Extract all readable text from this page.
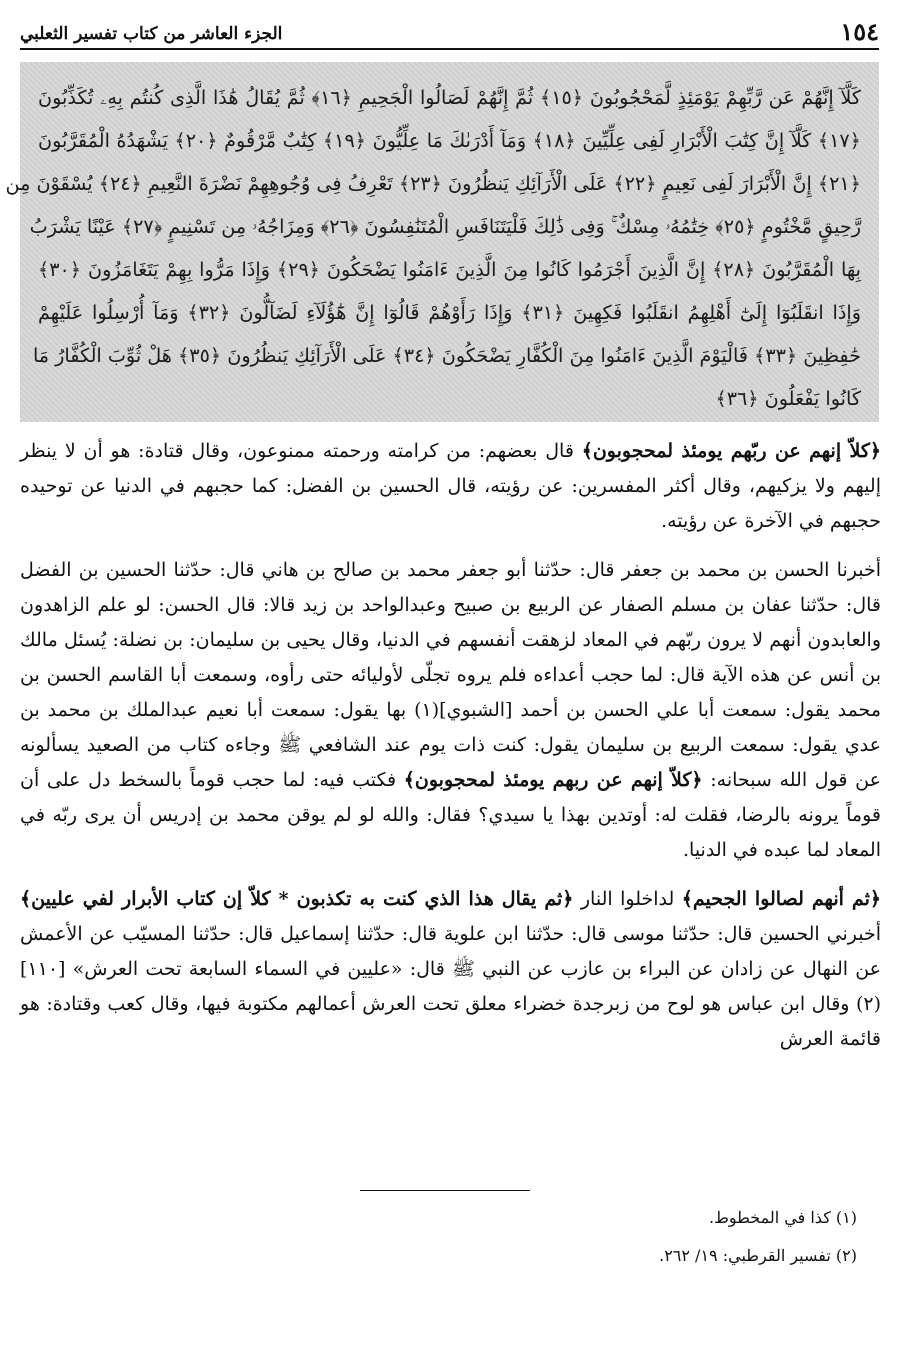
١٥٤
الجزء العاشر من كتاب تفسير الثعلبي
كَلَّآ إِنَّهُمْ عَن رَّبِّهِمْ يَوْمَئِذٍ لَّمَحْجُوبُونَ ﴿١٥﴾ ثُمَّ إِنَّهُمْ لَصَالُوا الْجَحِيمِ ﴿١٦﴾ ثُمَّ يُقَالُ هَٰذَا الَّذِى كُنتُم بِهِۦ تُكَذِّبُونَ
﴿١٧﴾ كَلَّآ إِنَّ كِتَٰبَ الْأَبْرَارِ لَفِى عِلِّيِّينَ ﴿١٨﴾ وَمَآ أَدْرَىٰكَ مَا عِلِّيُّونَ ﴿١٩﴾ كِتَٰبٌ مَّرْقُومٌ ﴿٢٠﴾ يَشْهَدُهُ الْمُقَرَّبُونَ
﴿٢١﴾ إِنَّ الْأَبْرَارَ لَفِى نَعِيمٍ ﴿٢٢﴾ عَلَى الْأَرَآئِكِ يَنظُرُونَ ﴿٢٣﴾ تَعْرِفُ فِى وُجُوهِهِمْ نَضْرَةَ النَّعِيمِ ﴿٢٤﴾ يُسْقَوْنَ مِن
رَّحِيقٍ مَّخْتُومٍ ﴿٢٥﴾ خِتَٰمُهُۥ مِسْكٌ ۚ وَفِى ذَٰلِكَ فَلْيَتَنَافَسِ الْمُتَنَٰفِسُونَ ﴿٢٦﴾ وَمِزَاجُهُۥ مِن تَسْنِيمٍ ﴿٢٧﴾ عَيْنًا يَشْرَبُ
بِهَا الْمُقَرَّبُونَ ﴿٢٨﴾ إِنَّ الَّذِينَ أَجْرَمُوا كَانُوا مِنَ الَّذِينَ ءَامَنُوا يَضْحَكُونَ ﴿٢٩﴾ وَإِذَا مَرُّوا بِهِمْ يَتَغَامَزُونَ ﴿٣٠﴾
وَإِذَا انقَلَبُوٓا إِلَىٰٓ أَهْلِهِمُ انقَلَبُوا فَكِهِينَ ﴿٣١﴾ وَإِذَا رَأَوْهُمْ قَالُوٓا إِنَّ هَٰٓؤُلَآءِ لَضَآلُّونَ ﴿٣٢﴾ وَمَآ أُرْسِلُوا عَلَيْهِمْ
حَٰفِظِينَ ﴿٣٣﴾ فَالْيَوْمَ الَّذِينَ ءَامَنُوا مِنَ الْكُفَّارِ يَضْحَكُونَ ﴿٣٤﴾ عَلَى الْأَرَآئِكِ يَنظُرُونَ ﴿٣٥﴾ هَلْ ثُوِّبَ الْكُفَّارُ مَا
كَانُوا يَفْعَلُونَ ﴿٣٦﴾

﴿كلاّ إنهم عن ربّهم يومئذ لمحجوبون﴾ قال بعضهم: من كرامته ورحمته ممنوعون، وقال قتادة: هو أن لا ينظر إليهم ولا يزكيهم، وقال أكثر المفسرين: عن رؤيته، قال الحسين بن الفضل: كما حجبهم في الدنيا عن توحيده حجبهم في الآخرة عن رؤيته.

أخبرنا الحسن بن محمد بن جعفر قال: حدّثنا أبو جعفر محمد بن صالح بن هاني قال: حدّثنا الحسين بن الفضل قال: حدّثنا عفان بن مسلم الصفار عن الربيع بن صبيح وعبدالواحد بن زيد قالا: قال الحسن: لو علم الزاهدون والعابدون أنهم لا يرون ربّهم في المعاد لزهقت أنفسهم في الدنيا، وقال يحيى بن سليمان: بن نضلة: يُسئل مالك بن أنس عن هذه الآية قال: لما حجب أعداءه فلم يروه تجلّى لأوليائه حتى رأوه، وسمعت أبا القاسم الحسن بن محمد يقول: سمعت أبا علي الحسن بن أحمد [الشبوي](١) بها يقول: سمعت أبا نعيم عبدالملك بن محمد بن عدي يقول: سمعت الربيع بن سليمان يقول: كنت ذات يوم عند الشافعي ﷺ وجاءه كتاب من الصعيد يسألونه عن قول الله سبحانه: ﴿كلاّ إنهم عن ربهم يومئذ لمحجوبون﴾ فكتب فيه: لما حجب قوماً بالسخط دل على أن قوماً يرونه بالرضا، فقلت له: أوتدين بهذا يا سيدي؟ فقال: والله لو لم يوقن محمد بن إدريس أن يرى ربّه في المعاد لما عبده في الدنيا.

﴿ثم أنهم لصالوا الجحيم﴾ لداخلوا النار ﴿ثم يقال هذا الذي كنت به تكذبون * كلاّ إن كتاب الأبرار لفي عليين﴾ أخبرني الحسين قال: حدّثنا موسى قال: حدّثنا ابن علوية قال: حدّثنا إسماعيل قال: حدّثنا المسيّب عن الأعمش عن النهال عن زادان عن البراء بن عازب عن النبي ﷺ قال: «عليين في السماء السابعة تحت العرش» [١١٠](٢) وقال ابن عباس هو لوح من زبرجدة خضراء معلق تحت العرش أعمالهم مكتوبة فيها، وقال كعب وقتادة: هو قائمة العرش

(١) كذا في المخطوط.
(٢) تفسير القرطبي: ١٩/ ٢٦٢.
